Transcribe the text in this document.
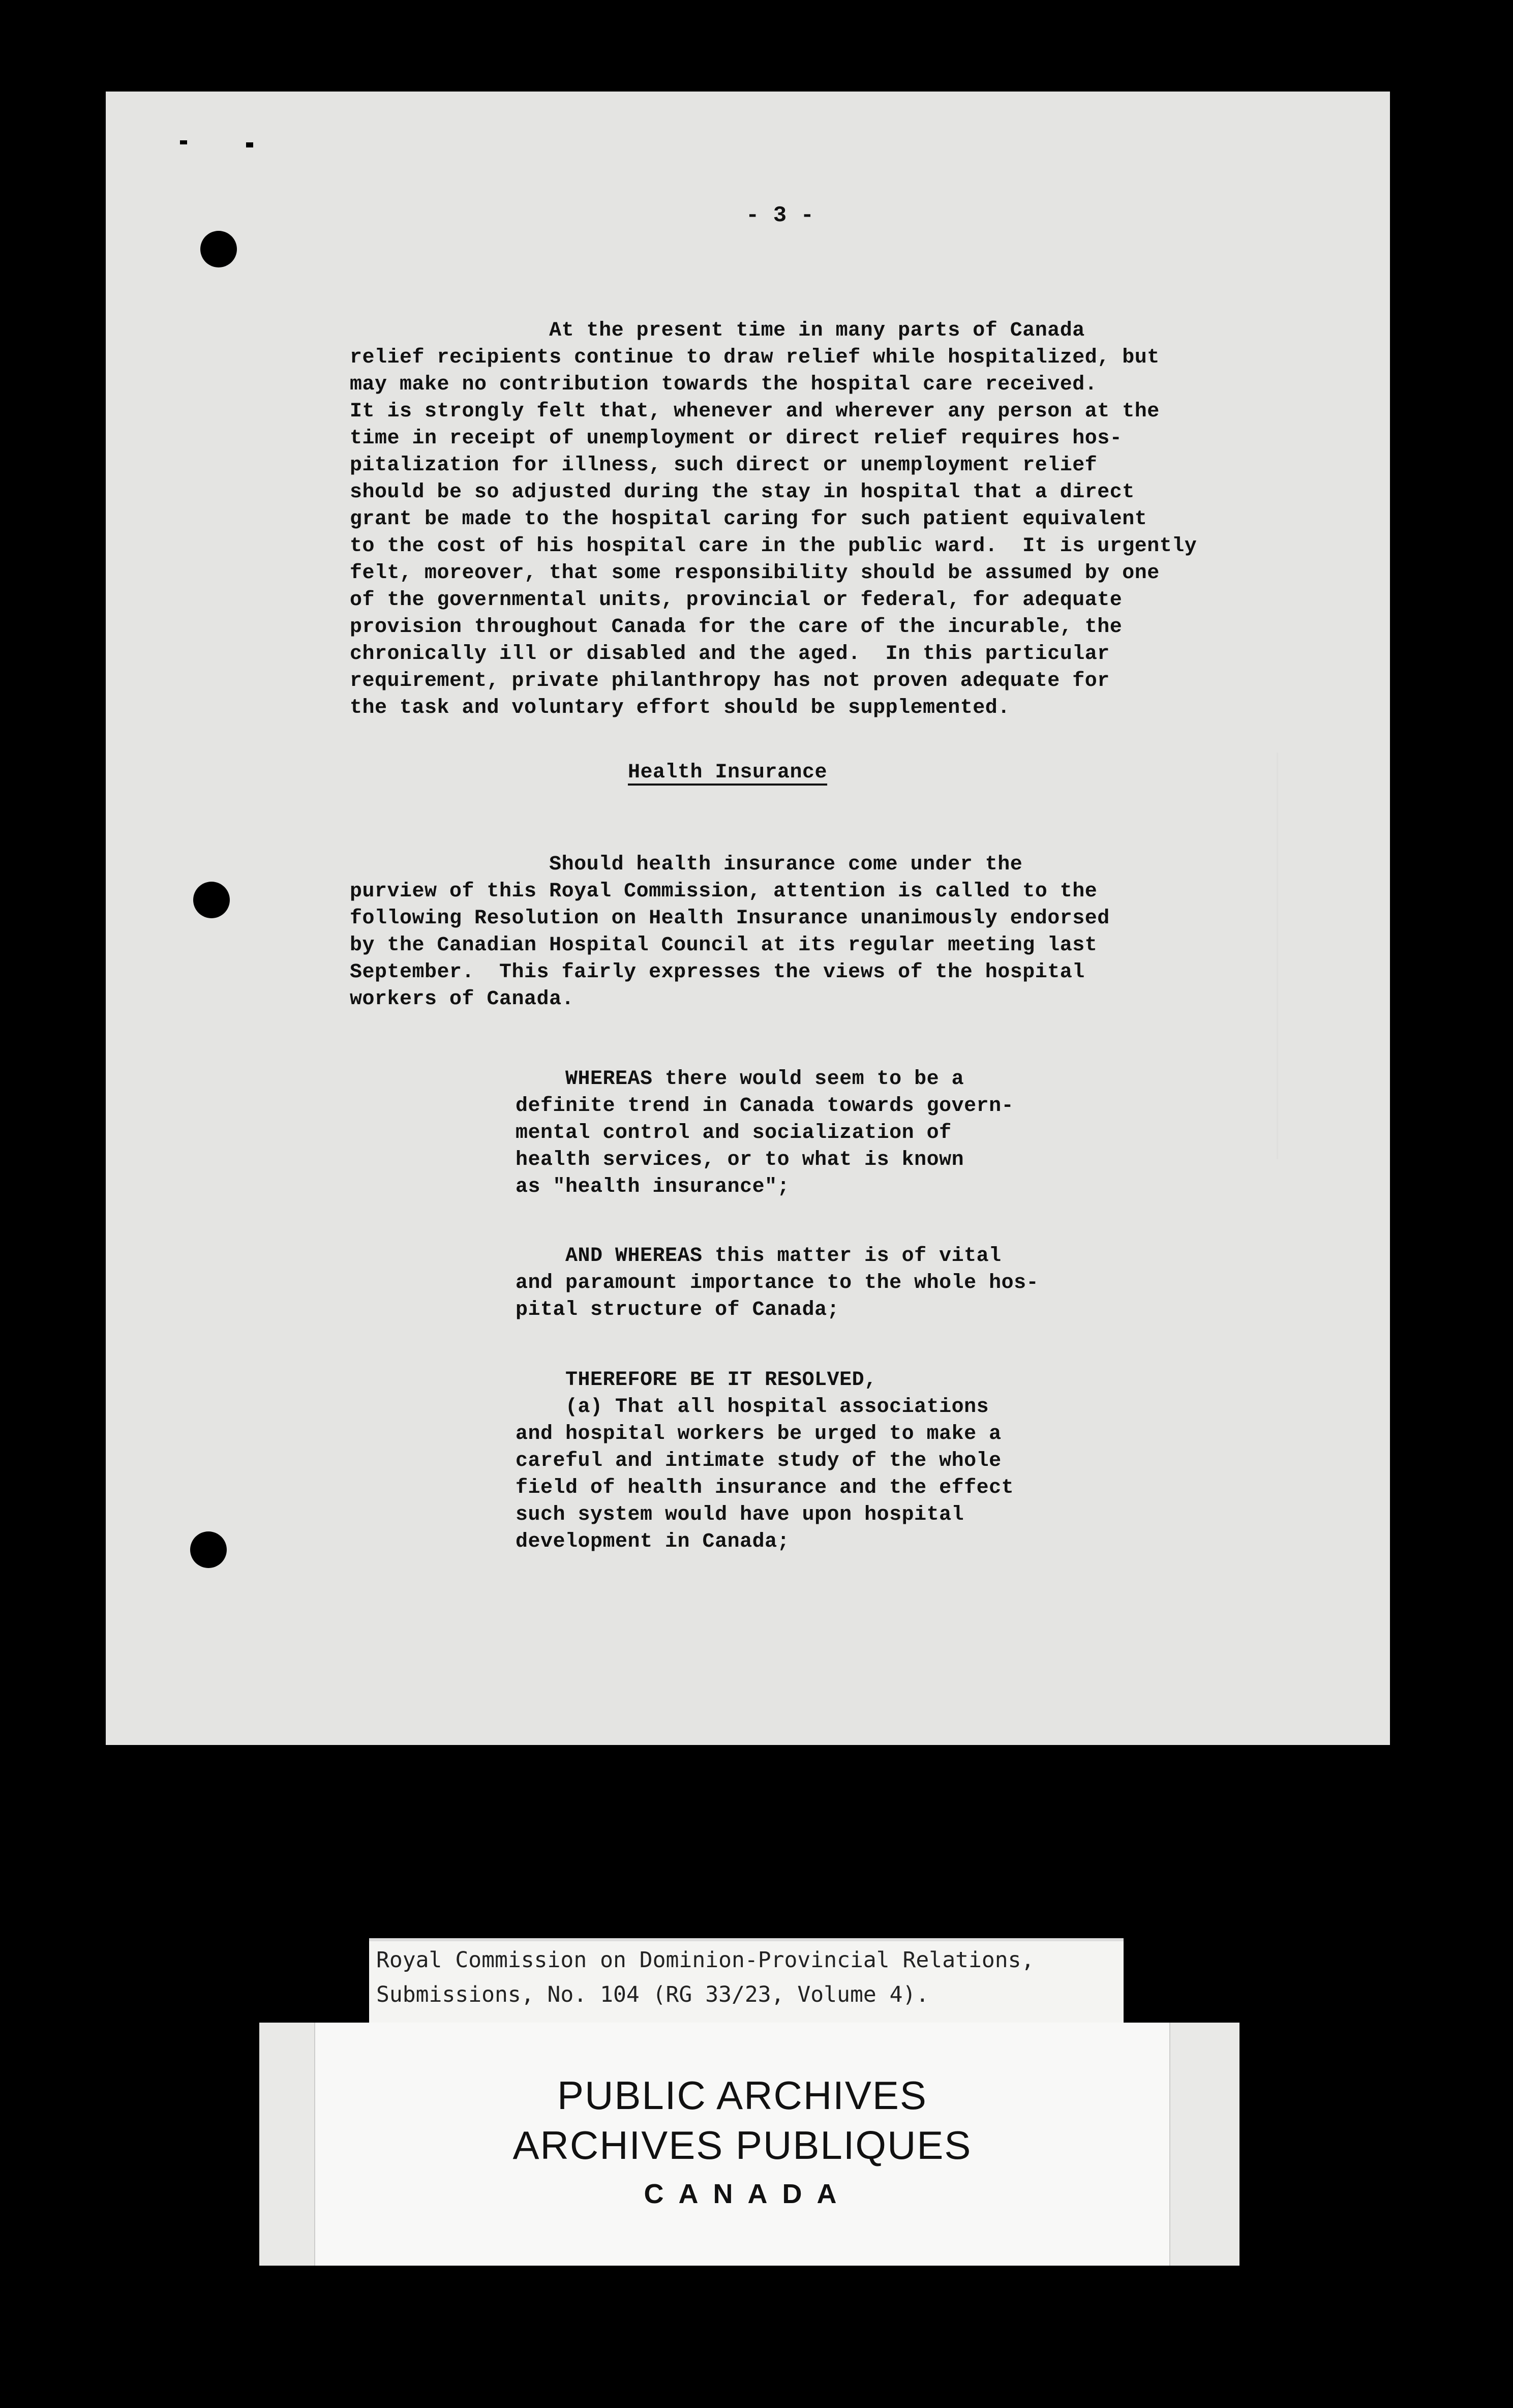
- 3 -
At the present time in many parts of Canada
relief recipients continue to draw relief while hospitalized, but
may make no contribution towards the hospital care received.
It is strongly felt that, whenever and wherever any person at the
time in receipt of unemployment or direct relief requires hos-
pitalization for illness, such direct or unemployment relief
should be so adjusted during the stay in hospital that a direct
grant be made to the hospital caring for such patient equivalent
to the cost of his hospital care in the public ward.  It is urgently
felt, moreover, that some responsibility should be assumed by one
of the governmental units, provincial or federal, for adequate
provision throughout Canada for the care of the incurable, the
chronically ill or disabled and the aged.  In this particular
requirement, private philanthropy has not proven adequate for
the task and voluntary effort should be supplemented.
Health Insurance
Should health insurance come under the
purview of this Royal Commission, attention is called to the
following Resolution on Health Insurance unanimously endorsed
by the Canadian Hospital Council at its regular meeting last
September.  This fairly expresses the views of the hospital
workers of Canada.
WHEREAS there would seem to be a
definite trend in Canada towards govern-
mental control and socialization of
health services, or to what is known
as "health insurance";
AND WHEREAS this matter is of vital
and paramount importance to the whole hos-
pital structure of Canada;
THEREFORE BE IT RESOLVED,
(a) That all hospital associations
and hospital workers be urged to make a
careful and intimate study of the whole
field of health insurance and the effect
such system would have upon hospital
development in Canada;
Royal Commission on Dominion-Provincial Relations,
Submissions, No. 104 (RG 33/23, Volume 4).
PUBLIC ARCHIVES
ARCHIVES PUBLIQUES
C A N A D A
